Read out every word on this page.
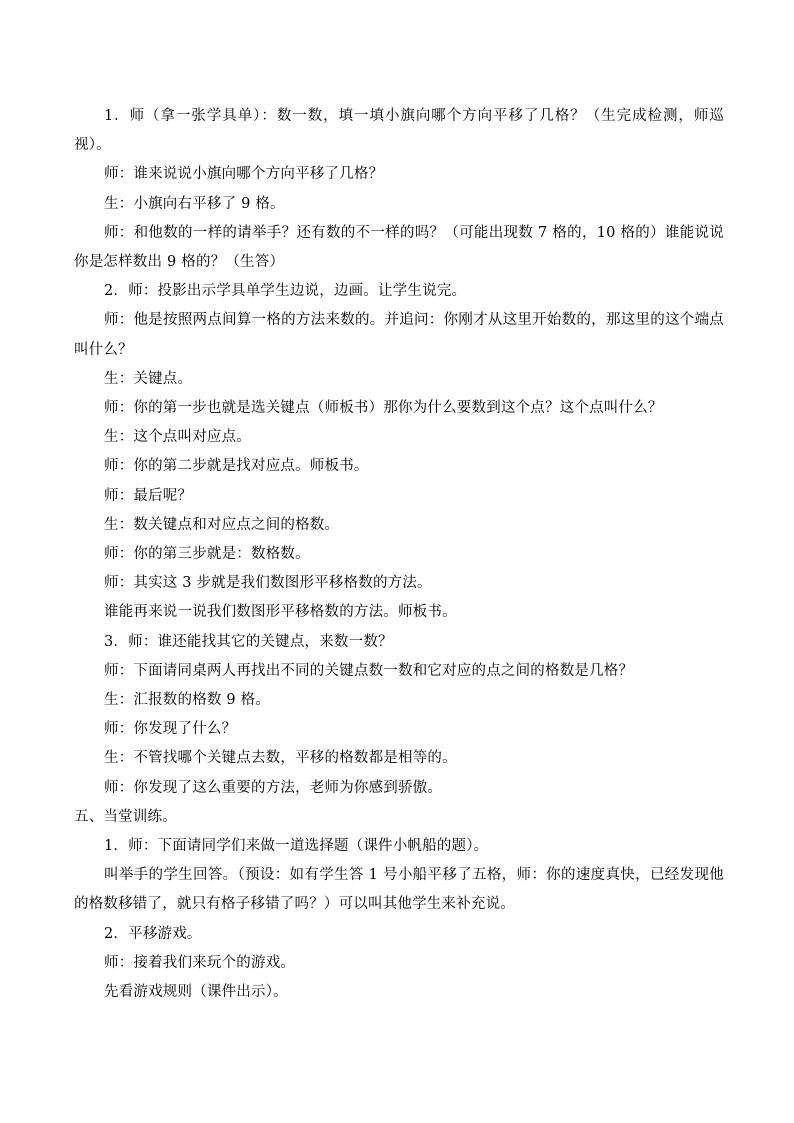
1．师（拿一张学具单）：数一数，填一填小旗向哪个方向平移了几格？（生完成检测，师巡视）。
师：谁来说说小旗向哪个方向平移了几格？
生：小旗向右平移了 9 格。
师：和他数的一样的请举手？还有数的不一样的吗？（可能出现数 7 格的，10 格的）谁能说说你是怎样数出 9 格的？（生答）
2．师：投影出示学具单学生边说，边画。让学生说完。
师：他是按照两点间算一格的方法来数的。并追问：你刚才从这里开始数的，那这里的这个端点叫什么？
生：关键点。
师：你的第一步也就是选关键点（师板书）那你为什么要数到这个点？这个点叫什么？
生：这个点叫对应点。
师：你的第二步就是找对应点。师板书。
师：最后呢？
生：数关键点和对应点之间的格数。
师：你的第三步就是：数格数。
师：其实这 3 步就是我们数图形平移格数的方法。
谁能再来说一说我们数图形平移格数的方法。师板书。
3．师：谁还能找其它的关键点，来数一数？
师：下面请同桌两人再找出不同的关键点数一数和它对应的点之间的格数是几格？
生：汇报数的格数 9 格。
师：你发现了什么？
生：不管找哪个关键点去数，平移的格数都是相等的。
师：你发现了这么重要的方法，老师为你感到骄傲。
五、当堂训练。
1．师：下面请同学们来做一道选择题（课件小帆船的题）。
叫举手的学生回答。（预设：如有学生答 1 号小船平移了五格，师：你的速度真快，已经发现他的格数移错了，就只有格子移错了吗？）可以叫其他学生来补充说。
2．平移游戏。
师：接着我们来玩个的游戏。
先看游戏规则（课件出示）。
